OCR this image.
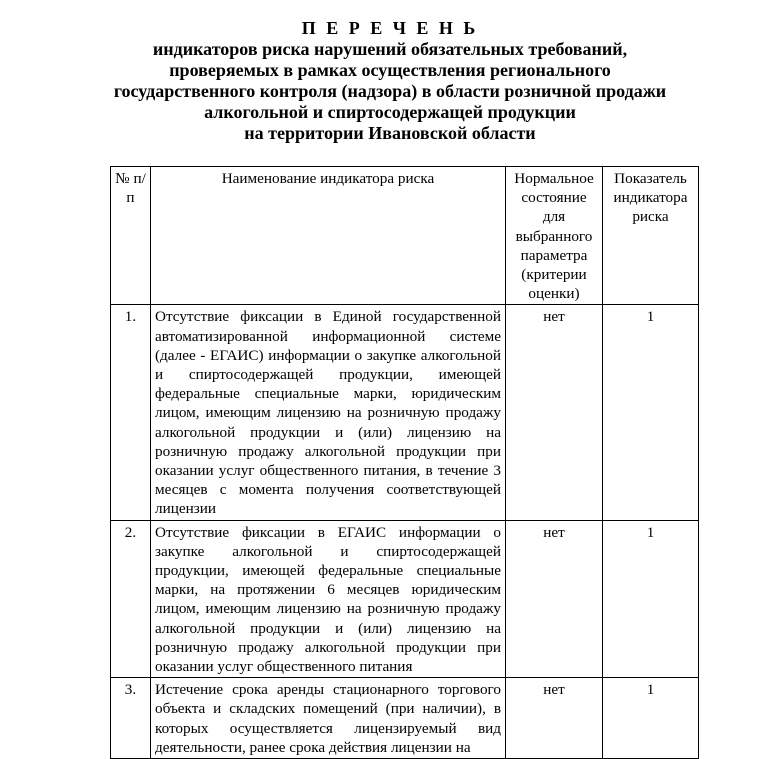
П Е Р Е Ч Е Н Ь
индикаторов риска нарушений обязательных требований,
проверяемых в рамках осуществления регионального
государственного контроля (надзора) в области розничной продажи
алкогольной и спиртосодержащей продукции
на территории Ивановской области
№ п/п	Наименование индикатора риска	Нормальное состояние для выбранного параметра (критерии оценки)	Показатель индикатора риска
1.	Отсутствие фиксации в Единой государственной автоматизированной информационной системе (далее - ЕГАИС) информации о закупке алкогольной и спиртосодержащей продукции, имеющей федеральные специальные марки, юридическим лицом, имеющим лицензию на розничную продажу алкогольной продукции и (или) лицензию на розничную продажу алкогольной продукции при оказании услуг общественного питания, в течение 3 месяцев с момента получения соответствующей лицензии	нет	1
2.	Отсутствие фиксации в ЕГАИС информации о закупке алкогольной и спиртосодержащей продукции, имеющей федеральные специальные марки, на протяжении 6 месяцев юридическим лицом, имеющим лицензию на розничную продажу алкогольной продукции и (или) лицензию на розничную продажу алкогольной продукции при оказании услуг общественного питания	нет	1
3.	Истечение срока аренды стационарного торгового объекта и складских помещений (при наличии), в которых осуществляется лицензируемый вид деятельности, ранее срока действия лицензии на	нет	1
